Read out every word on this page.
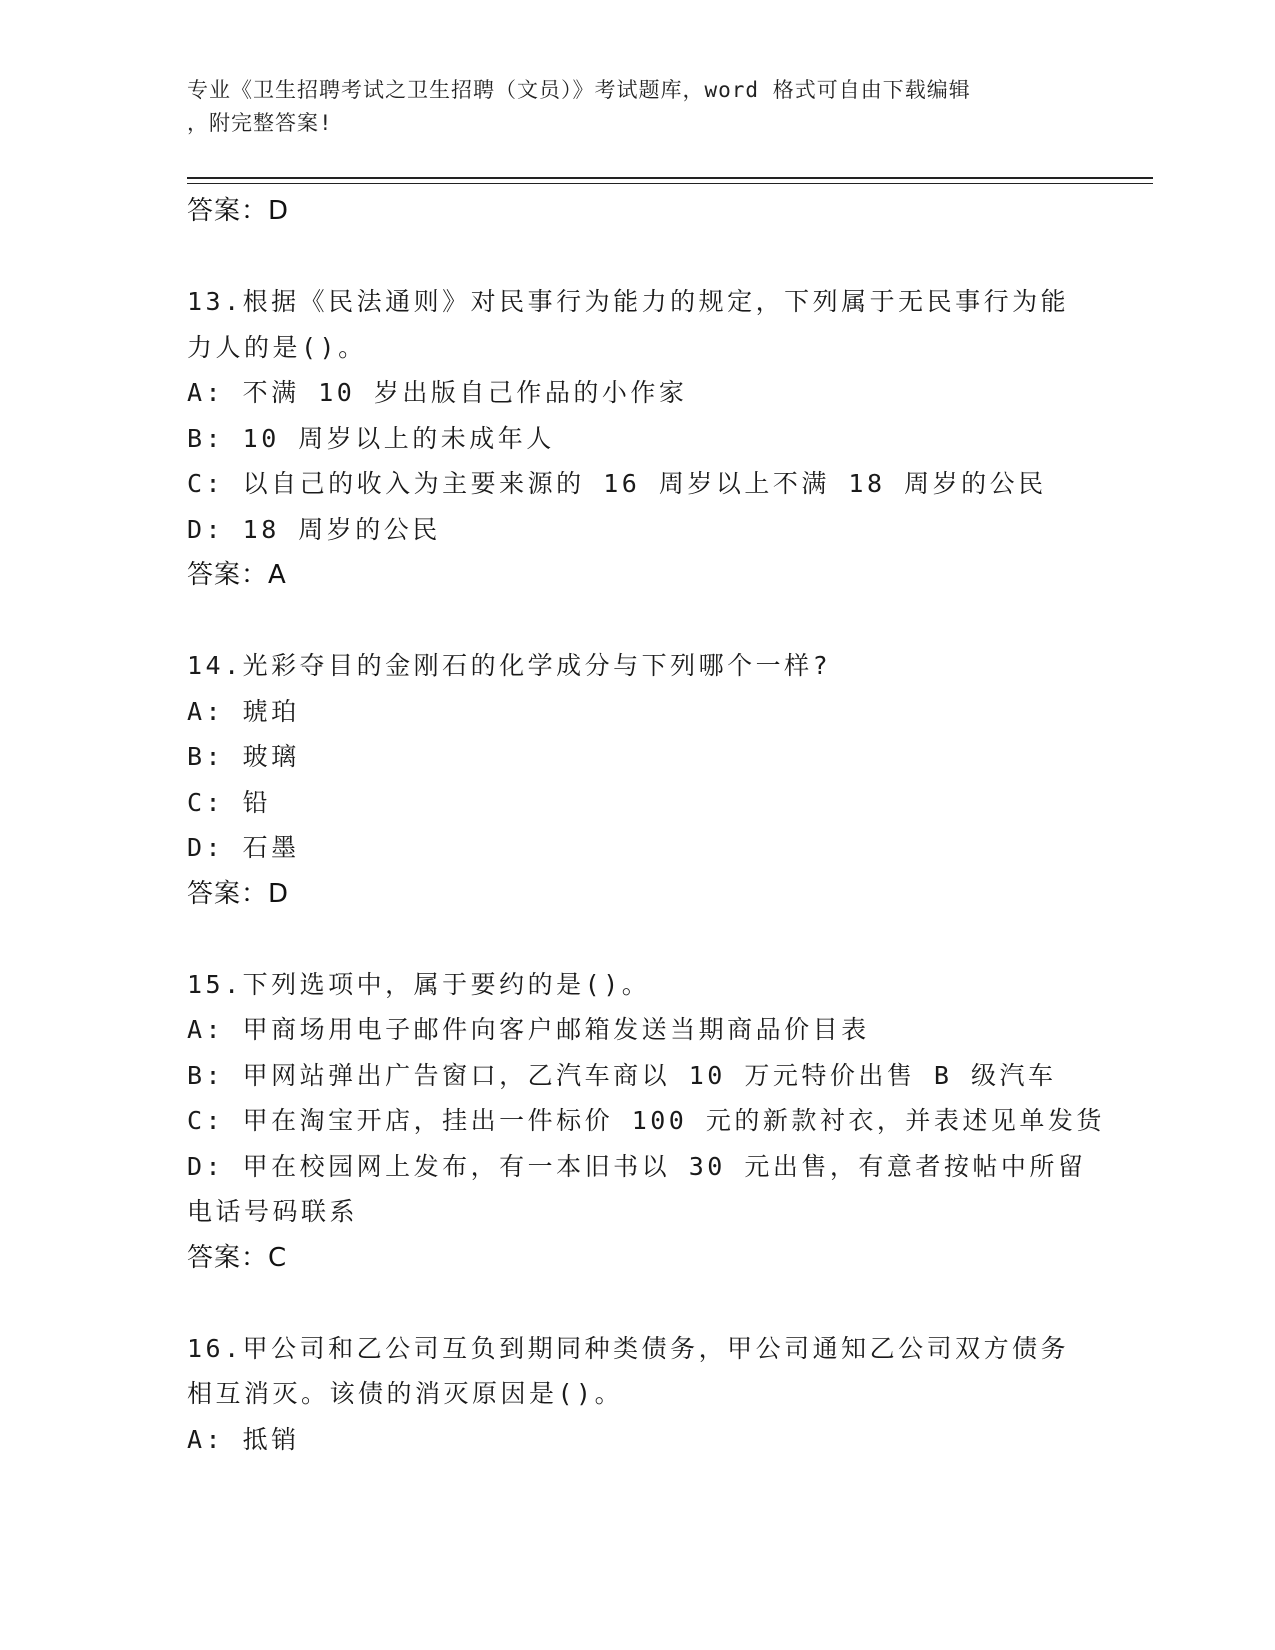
专业《卫生招聘考试之卫生招聘（文员）》考试题库，word 格式可自由下载编辑
，附完整答案!
答案：D
13.根据《民法通则》对民事行为能力的规定，下列属于无民事行为能
力人的是()。
A: 不满 10 岁出版自己作品的小作家
B: 10 周岁以上的未成年人
C: 以自己的收入为主要来源的 16 周岁以上不满 18 周岁的公民
D: 18 周岁的公民
答案：A
14.光彩夺目的金刚石的化学成分与下列哪个一样?
A: 琥珀
B: 玻璃
C: 铅
D: 石墨
答案：D
15.下列选项中，属于要约的是()。
A: 甲商场用电子邮件向客户邮箱发送当期商品价目表
B: 甲网站弹出广告窗口，乙汽车商以 10 万元特价出售 B 级汽车
C: 甲在淘宝开店，挂出一件标价 100 元的新款衬衣，并表述见单发货
D: 甲在校园网上发布，有一本旧书以 30 元出售，有意者按帖中所留
电话号码联系
答案：C
16.甲公司和乙公司互负到期同种类债务，甲公司通知乙公司双方债务
相互消灭。该债的消灭原因是()。
A: 抵销
